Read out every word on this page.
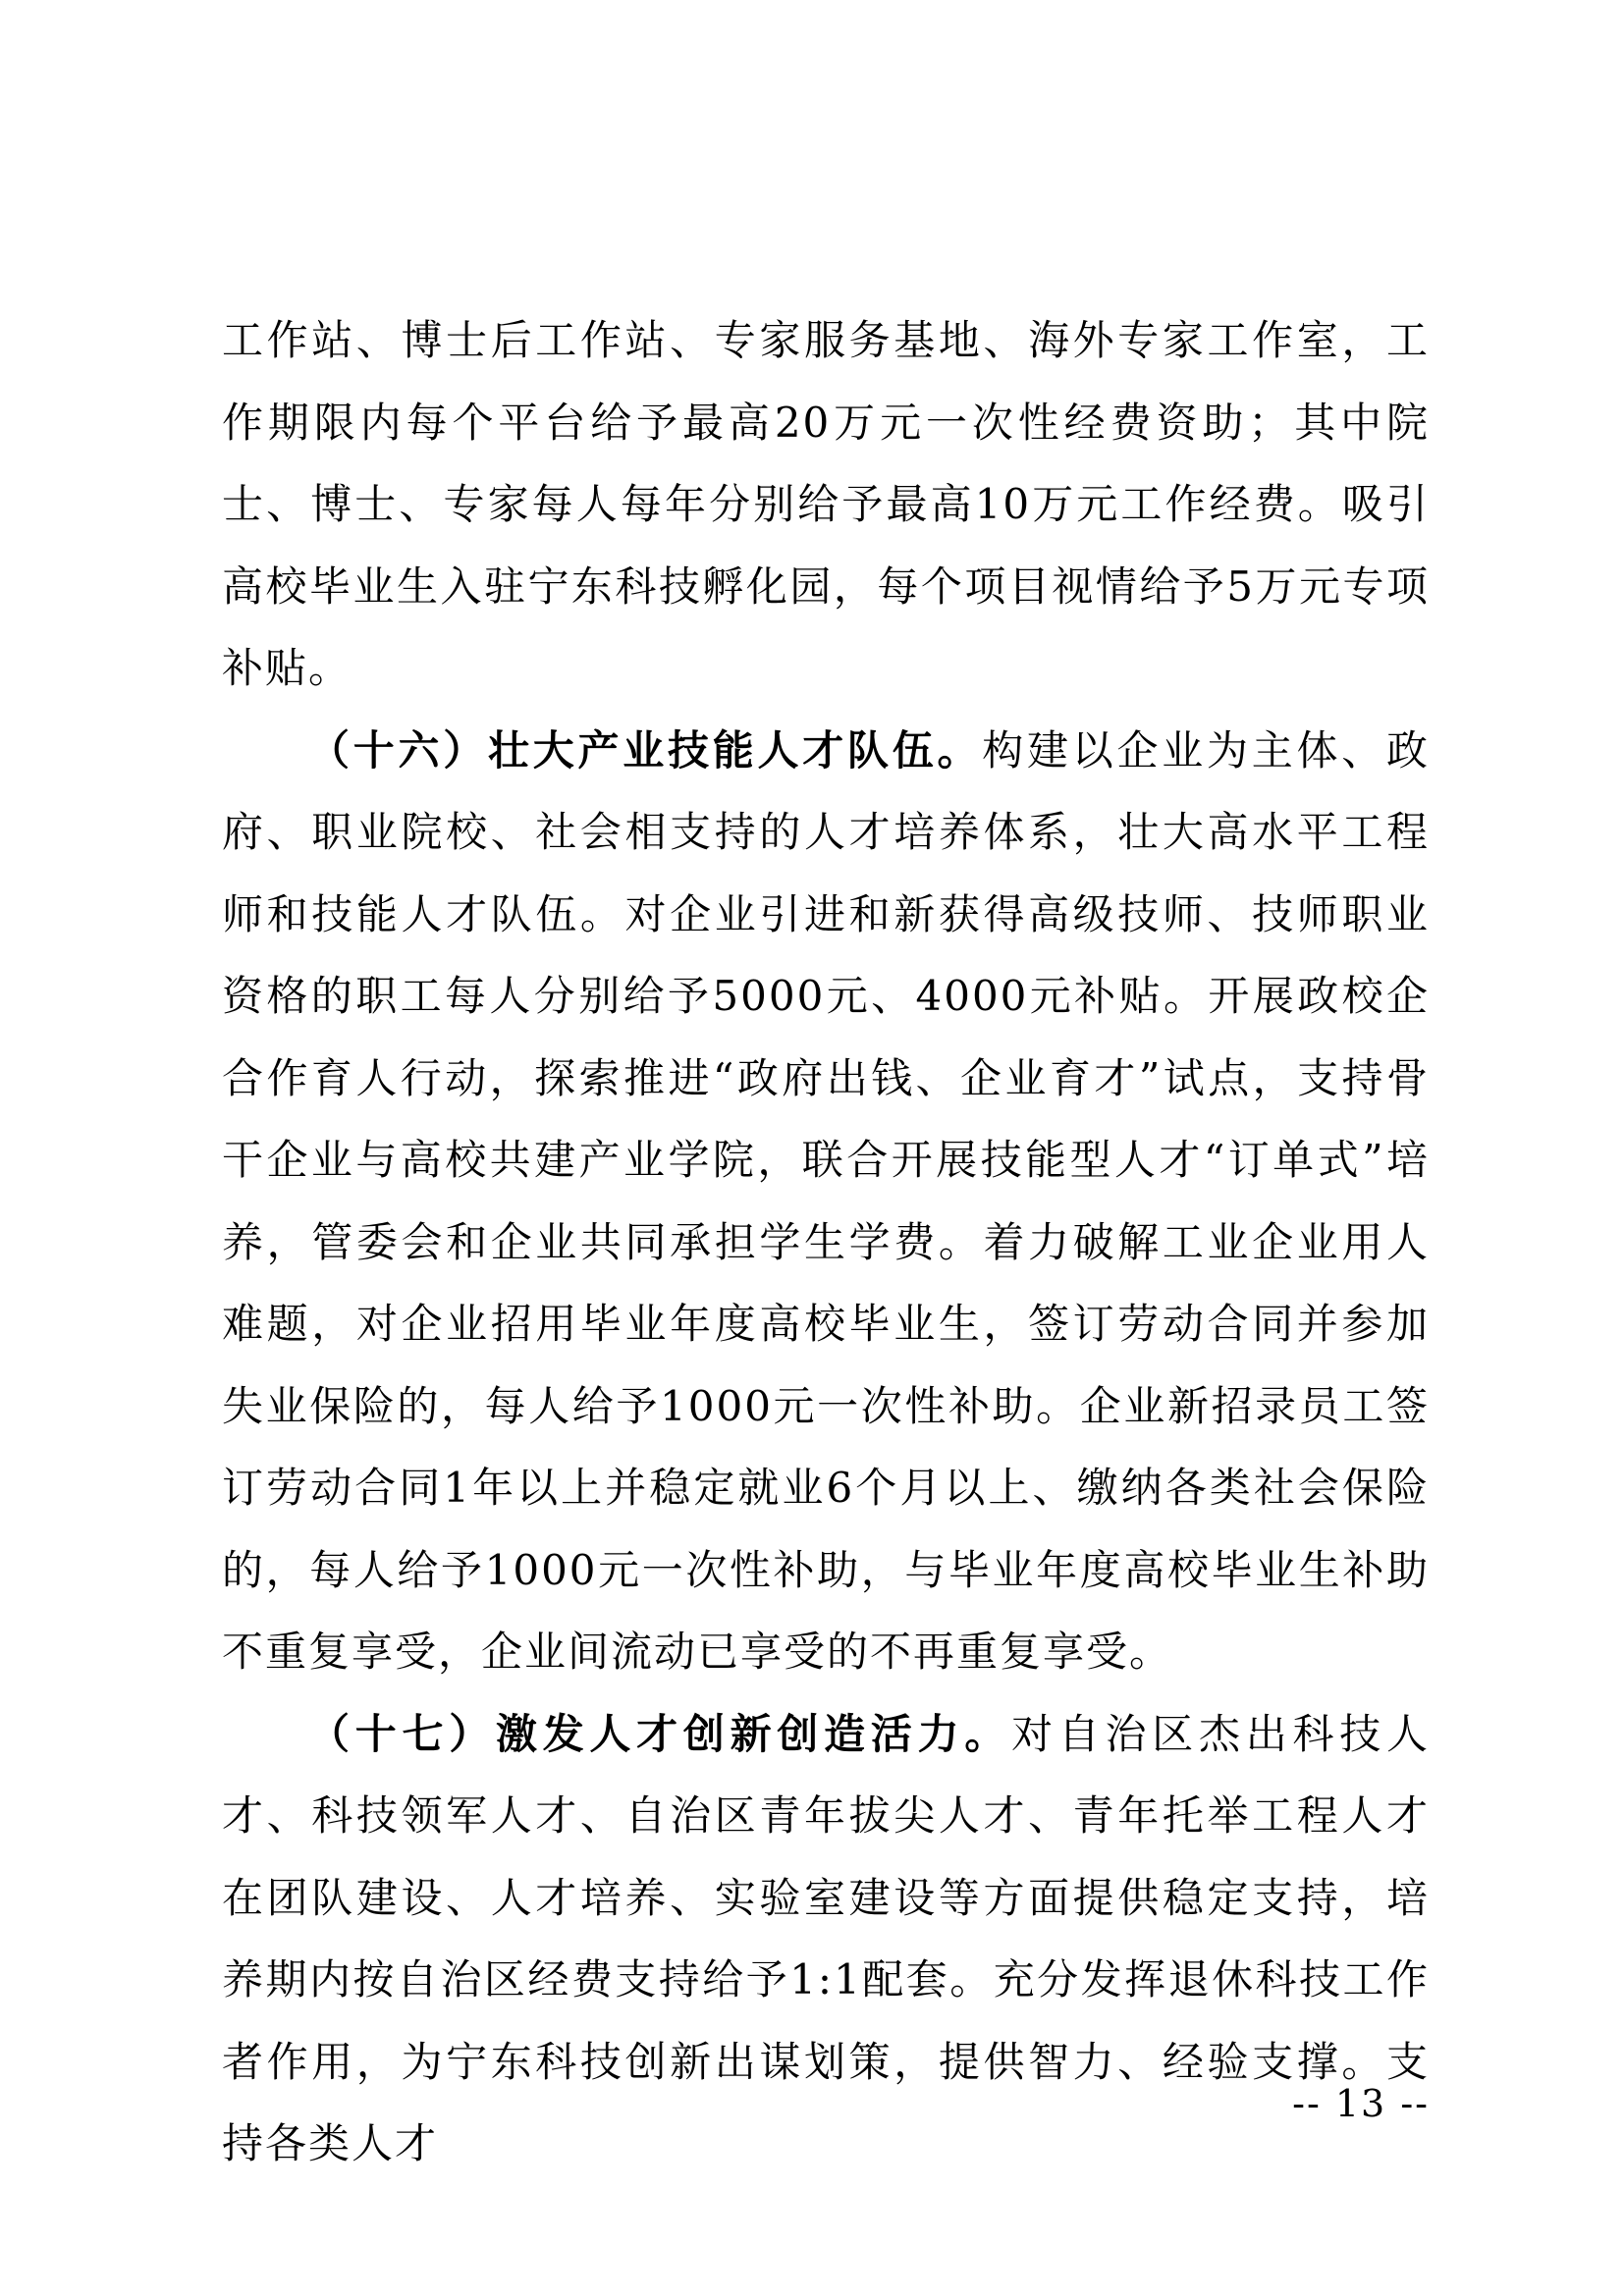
工作站、博士后工作站、专家服务基地、海外专家工作室，工作期限内每个平台给予最高20万元一次性经费资助；其中院士、博士、专家每人每年分别给予最高10万元工作经费。吸引高校毕业生入驻宁东科技孵化园，每个项目视情给予5万元专项补贴。

（十六）壮大产业技能人才队伍。构建以企业为主体、政府、职业院校、社会相支持的人才培养体系，壮大高水平工程师和技能人才队伍。对企业引进和新获得高级技师、技师职业资格的职工每人分别给予5000元、4000元补贴。开展政校企合作育人行动，探索推进“政府出钱、企业育才”试点，支持骨干企业与高校共建产业学院，联合开展技能型人才“订单式”培养，管委会和企业共同承担学生学费。着力破解工业企业用人难题，对企业招用毕业年度高校毕业生，签订劳动合同并参加失业保险的，每人给予1000元一次性补助。企业新招录员工签订劳动合同1年以上并稳定就业6个月以上、缴纳各类社会保险的，每人给予1000元一次性补助，与毕业年度高校毕业生补助不重复享受，企业间流动已享受的不再重复享受。

（十七）激发人才创新创造活力。对自治区杰出科技人才、科技领军人才、自治区青年拔尖人才、青年托举工程人才在团队建设、人才培养、实验室建设等方面提供稳定支持，培养期内按自治区经费支持给予1:1配套。充分发挥退休科技工作者作用，为宁东科技创新出谋划策，提供智力、经验支撑。支持各类人才

-- 13 --
